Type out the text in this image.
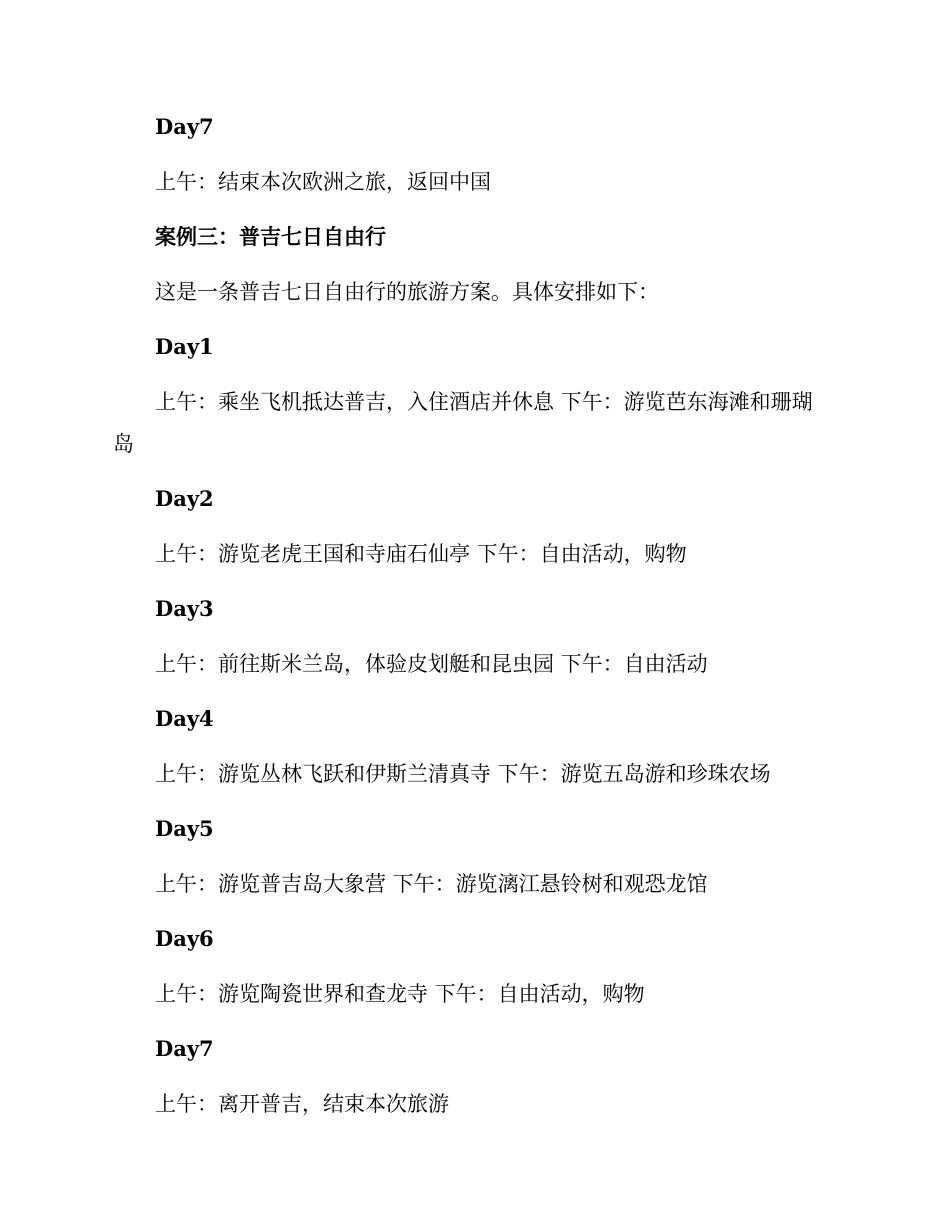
Day7
上午：结束本次欧洲之旅，返回中国
案例三：普吉七日自由行
这是一条普吉七日自由行的旅游方案。具体安排如下：
Day1
上午：乘坐飞机抵达普吉，入住酒店并休息 下午：游览芭东海滩和珊瑚
岛
Day2
上午：游览老虎王国和寺庙石仙亭 下午：自由活动，购物
Day3
上午：前往斯米兰岛，体验皮划艇和昆虫园 下午：自由活动
Day4
上午：游览丛林飞跃和伊斯兰清真寺 下午：游览五岛游和珍珠农场
Day5
上午：游览普吉岛大象营 下午：游览漓江悬铃树和观恐龙馆
Day6
上午：游览陶瓷世界和查龙寺 下午：自由活动，购物
Day7
上午：离开普吉，结束本次旅游
